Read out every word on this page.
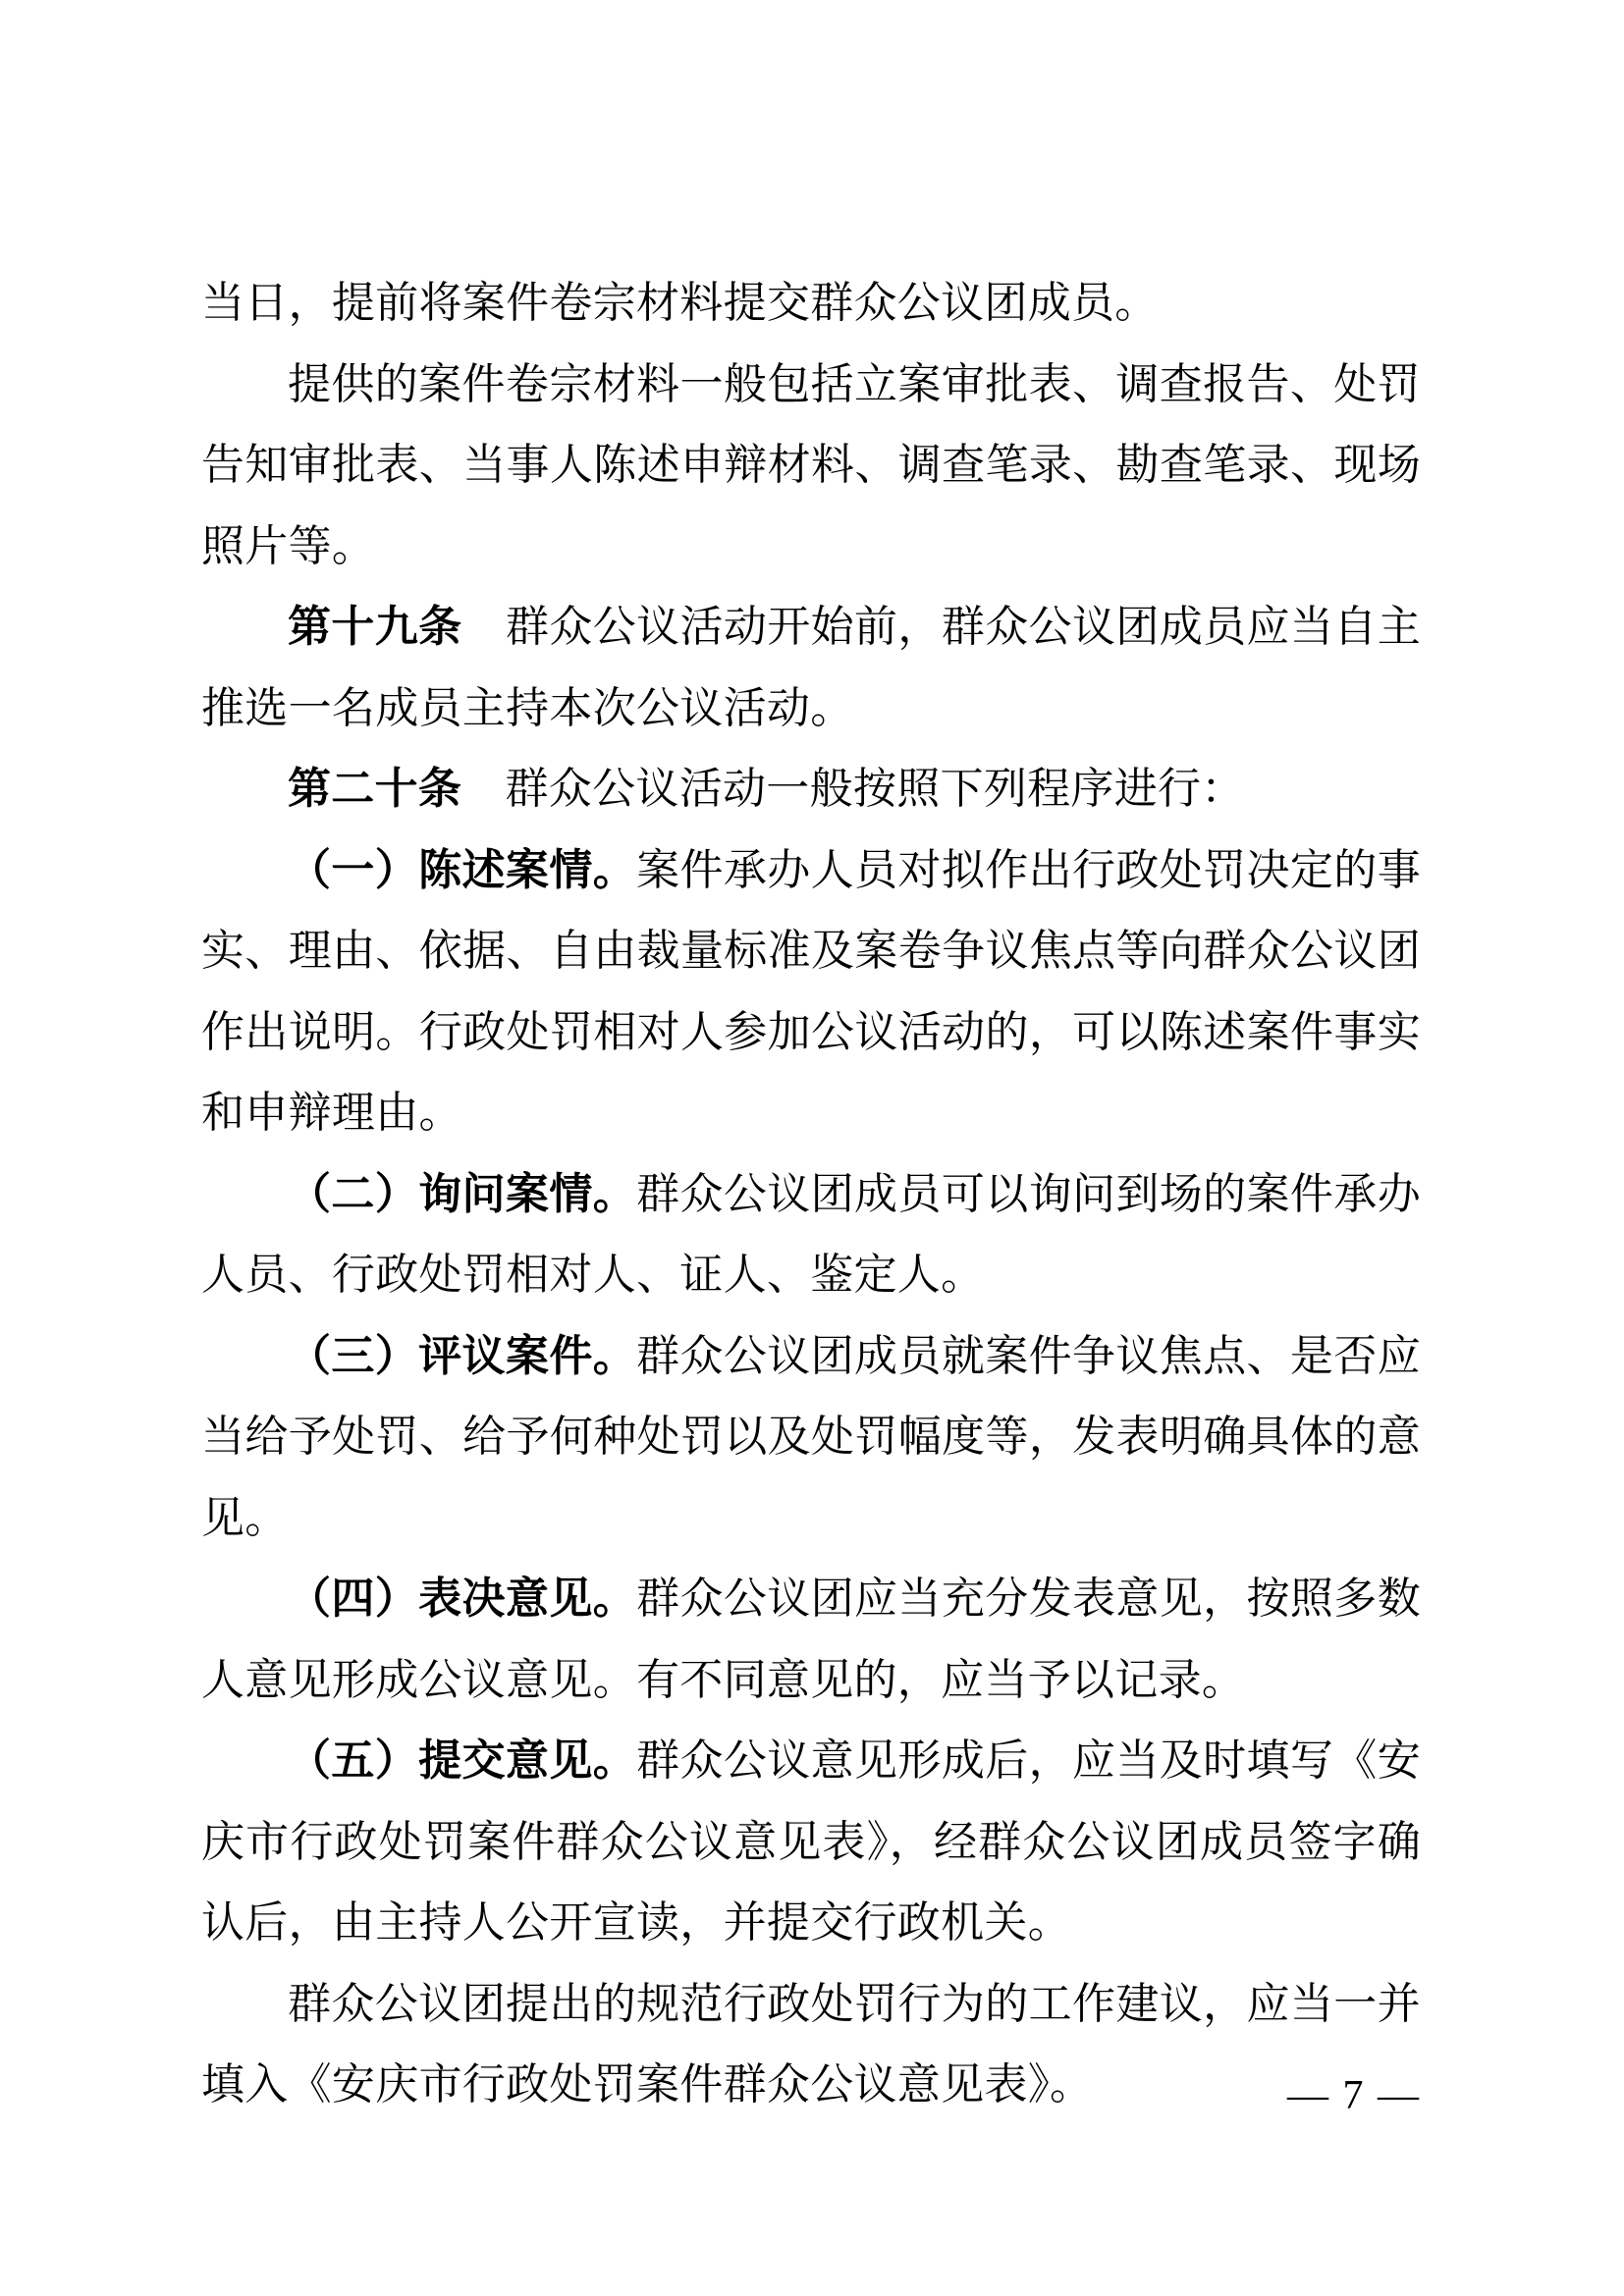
当日，提前将案件卷宗材料提交群众公议团成员。

提供的案件卷宗材料一般包括立案审批表、调查报告、处罚告知审批表、当事人陈述申辩材料、调查笔录、勘查笔录、现场照片等。

第十九条　群众公议活动开始前，群众公议团成员应当自主推选一名成员主持本次公议活动。

第二十条　群众公议活动一般按照下列程序进行：

（一）陈述案情。案件承办人员对拟作出行政处罚决定的事实、理由、依据、自由裁量标准及案卷争议焦点等向群众公议团作出说明。行政处罚相对人参加公议活动的，可以陈述案件事实和申辩理由。

（二）询问案情。群众公议团成员可以询问到场的案件承办人员、行政处罚相对人、证人、鉴定人。

（三）评议案件。群众公议团成员就案件争议焦点、是否应当给予处罚、给予何种处罚以及处罚幅度等，发表明确具体的意见。

（四）表决意见。群众公议团应当充分发表意见，按照多数人意见形成公议意见。有不同意见的，应当予以记录。

（五）提交意见。群众公议意见形成后，应当及时填写《安庆市行政处罚案件群众公议意见表》，经群众公议团成员签字确认后，由主持人公开宣读，并提交行政机关。

群众公议团提出的规范行政处罚行为的工作建议，应当一并填入《安庆市行政处罚案件群众公议意见表》。	— 7 —
